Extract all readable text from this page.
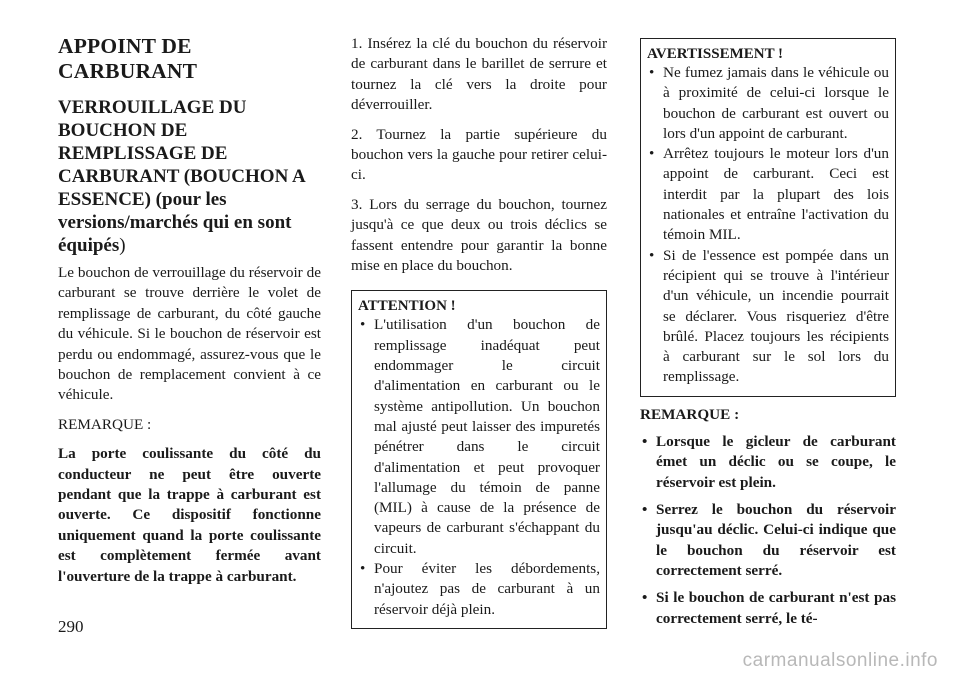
APPOINT DE CARBURANT
VERROUILLAGE DU BOUCHON DE REMPLISSAGE DE CARBURANT (BOUCHON A ESSENCE) (pour les versions/marchés qui en sont équipés)

Le bouchon de verrouillage du réservoir de carburant se trouve derrière le volet de remplissage de carburant, du côté gauche du véhicule. Si le bouchon de réservoir est perdu ou endommagé, assurez-vous que le bouchon de remplacement convient à ce véhicule.

REMARQUE :

La porte coulissante du côté du conducteur ne peut être ouverte pendant que la trappe à carburant est ouverte. Ce dispositif fonctionne uniquement quand la porte coulissante est complètement fermée avant l'ouverture de la trappe à carburant.

1. Insérez la clé du bouchon du réservoir de carburant dans le barillet de serrure et tournez la clé vers la droite pour déverrouiller.

2. Tournez la partie supérieure du bouchon vers la gauche pour retirer celui-ci.

3. Lors du serrage du bouchon, tournez jusqu'à ce que deux ou trois déclics se fassent entendre pour garantir la bonne mise en place du bouchon.

ATTENTION !
• L'utilisation d'un bouchon de remplissage inadéquat peut endommager le circuit d'alimentation en carburant ou le système antipollution. Un bouchon mal ajusté peut laisser des impuretés pénétrer dans le circuit d'alimentation et peut provoquer l'allumage du témoin de panne (MIL) à cause de la présence de vapeurs de carburant s'échappant du circuit.
• Pour éviter les débordements, n'ajoutez pas de carburant à un réservoir déjà plein.
AVERTISSEMENT !
• Ne fumez jamais dans le véhicule ou à proximité de celui-ci lorsque le bouchon de carburant est ouvert ou lors d'un appoint de carburant.
• Arrêtez toujours le moteur lors d'un appoint de carburant. Ceci est interdit par la plupart des lois nationales et entraîne l'activation du témoin MIL.
• Si de l'essence est pompée dans un récipient qui se trouve à l'intérieur d'un véhicule, un incendie pourrait se déclarer. Vous risqueriez d'être brûlé. Placez toujours les récipients à carburant sur le sol lors du remplissage.

REMARQUE :

• Lorsque le gicleur de carburant émet un déclic ou se coupe, le réservoir est plein.
• Serrez le bouchon du réservoir jusqu'au déclic. Celui-ci indique que le bouchon du réservoir est correctement serré.
• Si le bouchon de carburant n'est pas correctement serré, le té-
290
carmanualsonline.info
